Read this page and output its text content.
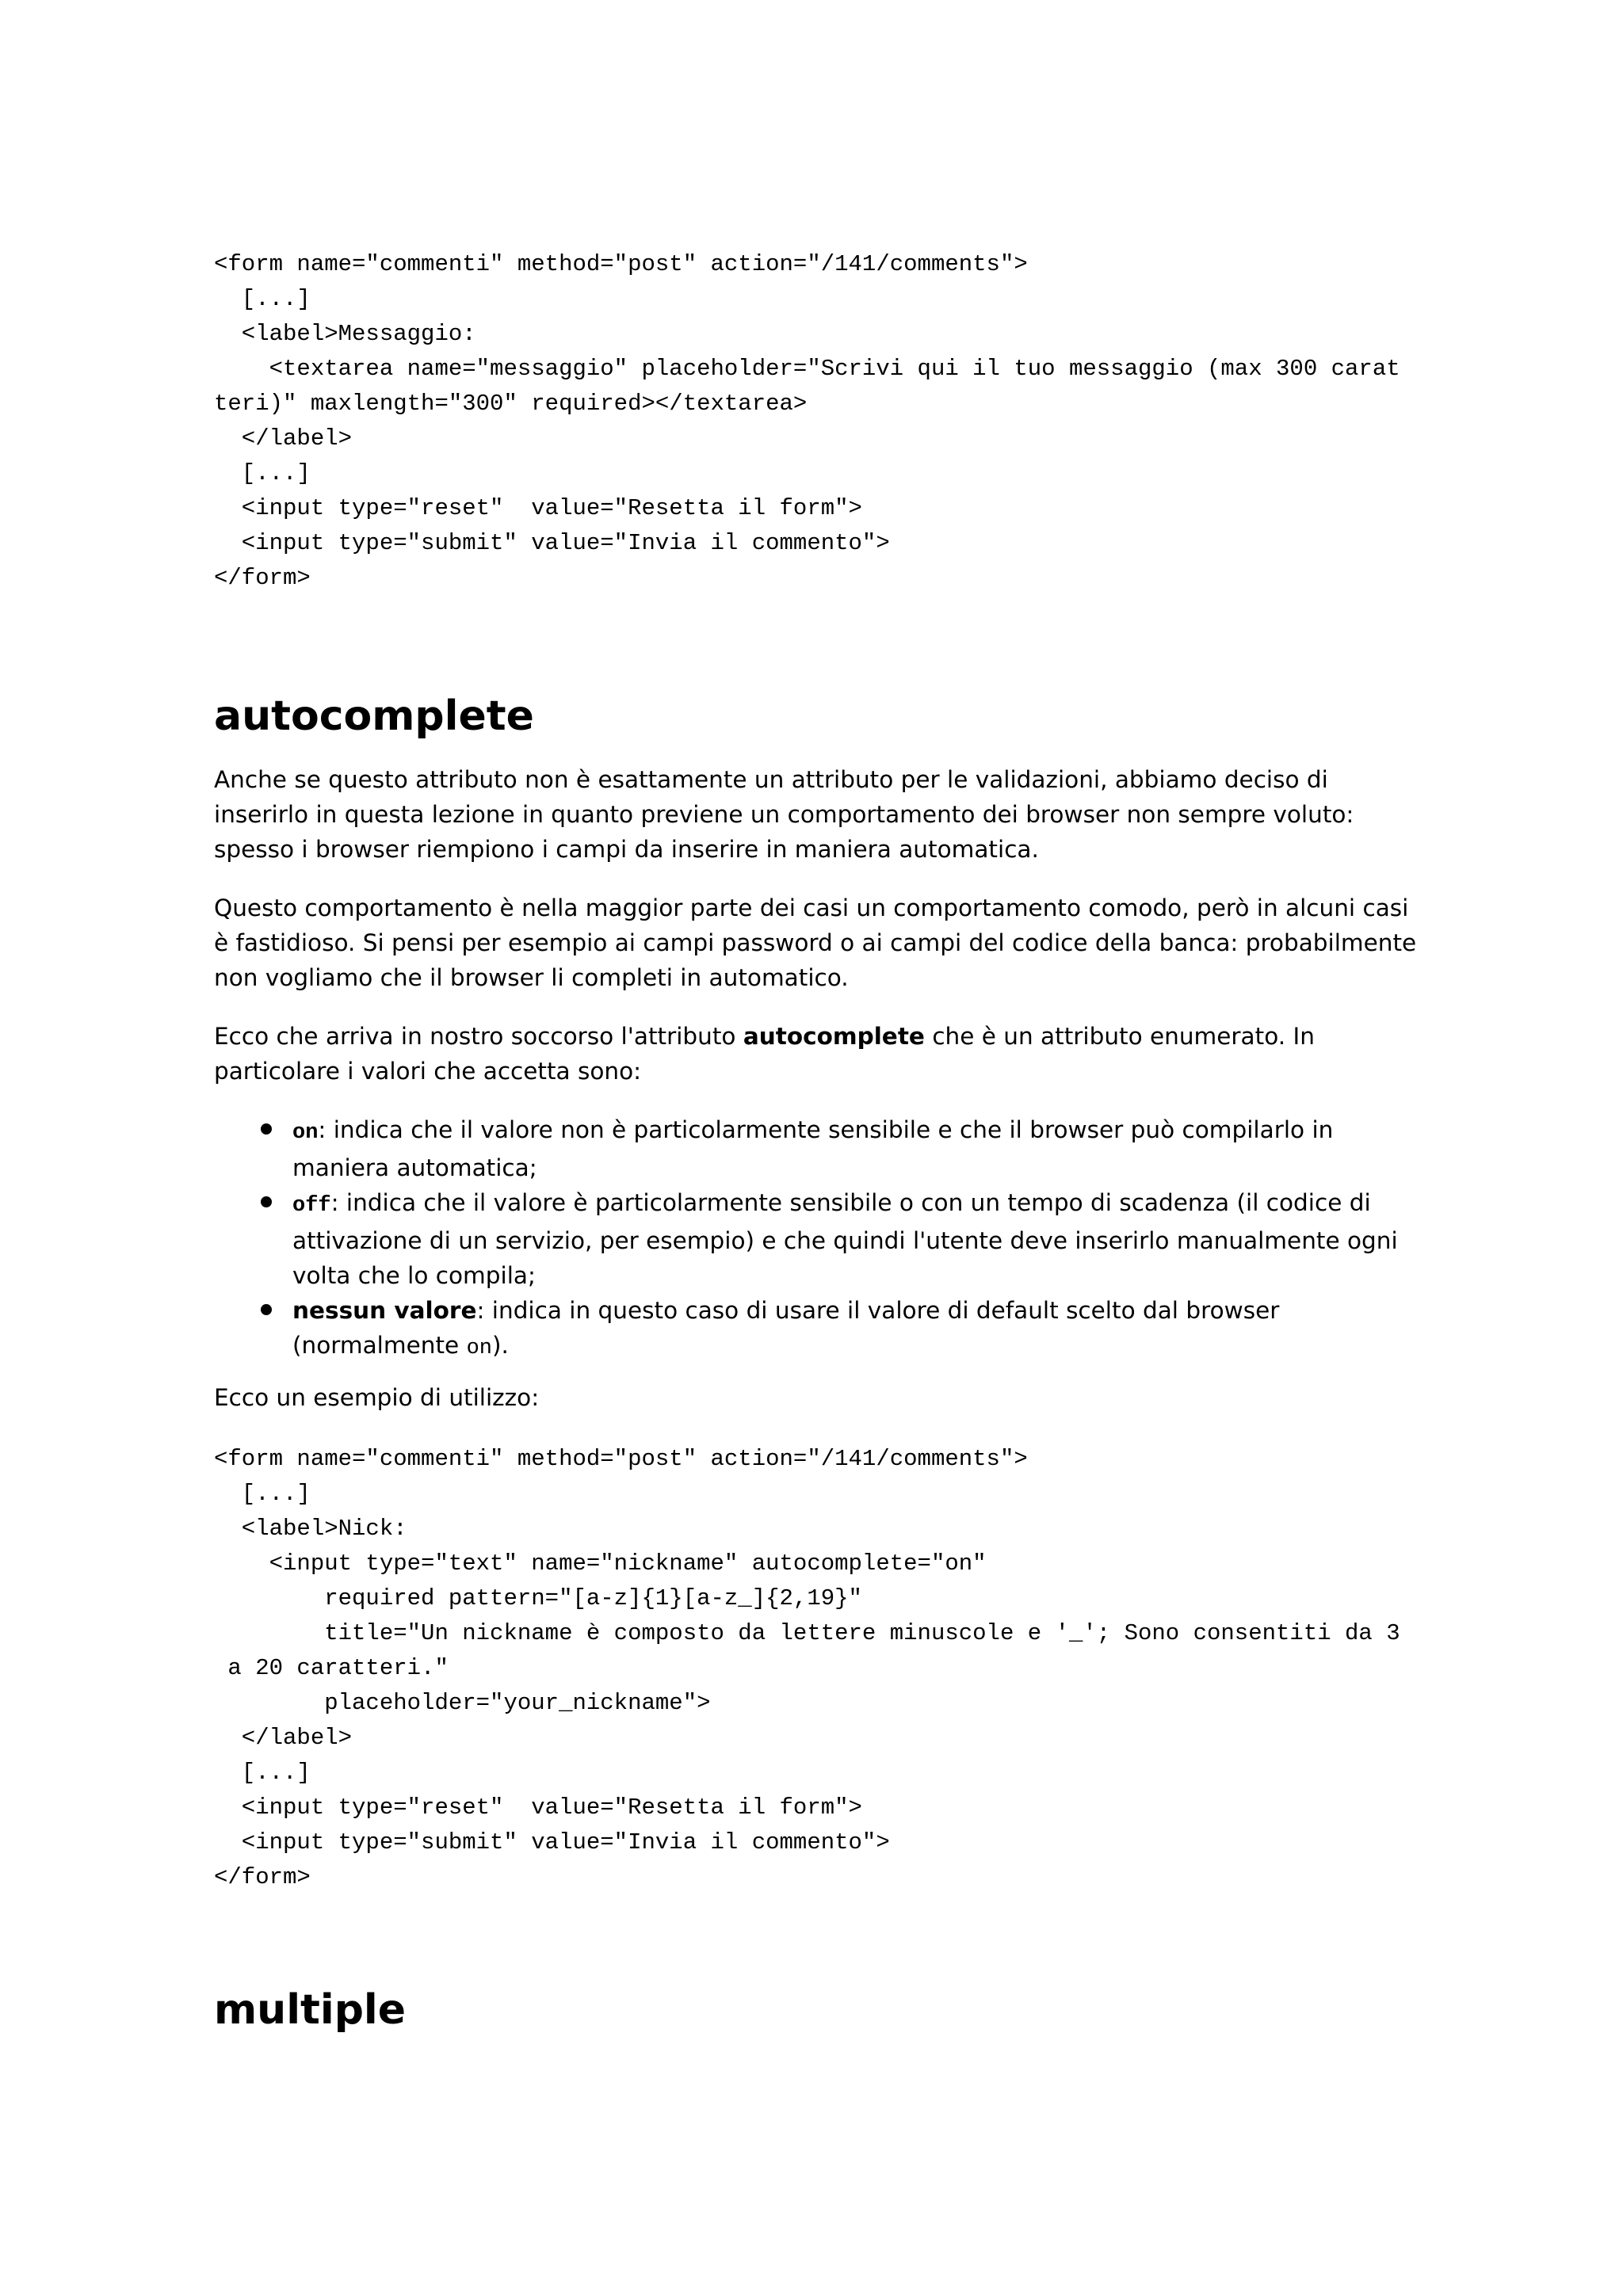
<form name="commenti" method="post" action="/141/comments">
[...]
<label>Messaggio:
<textarea name="messaggio" placeholder="Scrivi qui il tuo messaggio (max 300 carat
teri)" maxlength="300" required></textarea>
</label>
[...]
<input type="reset"  value="Resetta il form">
<input type="submit" value="Invia il commento">
</form>
autocomplete

Anche se questo attributo non è esattamente un attributo per le validazioni, abbiamo deciso di inserirlo in questa lezione in quanto previene un comportamento dei browser non sempre voluto: spesso i browser riempiono i campi da inserire in maniera automatica.

Questo comportamento è nella maggior parte dei casi un comportamento comodo, però in alcuni casi è fastidioso. Si pensi per esempio ai campi password o ai campi del codice della banca: probabilmente non vogliamo che il browser li completi in automatico.

Ecco che arriva in nostro soccorso l'attributo autocomplete che è un attributo enumerato. In particolare i valori che accetta sono:

on: indica che il valore non è particolarmente sensibile e che il browser può compilarlo in maniera automatica;
off: indica che il valore è particolarmente sensibile o con un tempo di scadenza (il codice di attivazione di un servizio, per esempio) e che quindi l'utente deve inserirlo manualmente ogni volta che lo compila;
nessun valore: indica in questo caso di usare il valore di default scelto dal browser (normalmente on).

Ecco un esempio di utilizzo:

<form name="commenti" method="post" action="/141/comments">
[...]
<label>Nick:
<input type="text" name="nickname" autocomplete="on"
required pattern="[a-z]{1}[a-z_]{2,19}"
title="Un nickname è composto da lettere minuscole e '_'; Sono consentiti da 3
a 20 caratteri."
placeholder="your_nickname">
</label>
[...]
<input type="reset"  value="Resetta il form">
<input type="submit" value="Invia il commento">
</form>
multiple
